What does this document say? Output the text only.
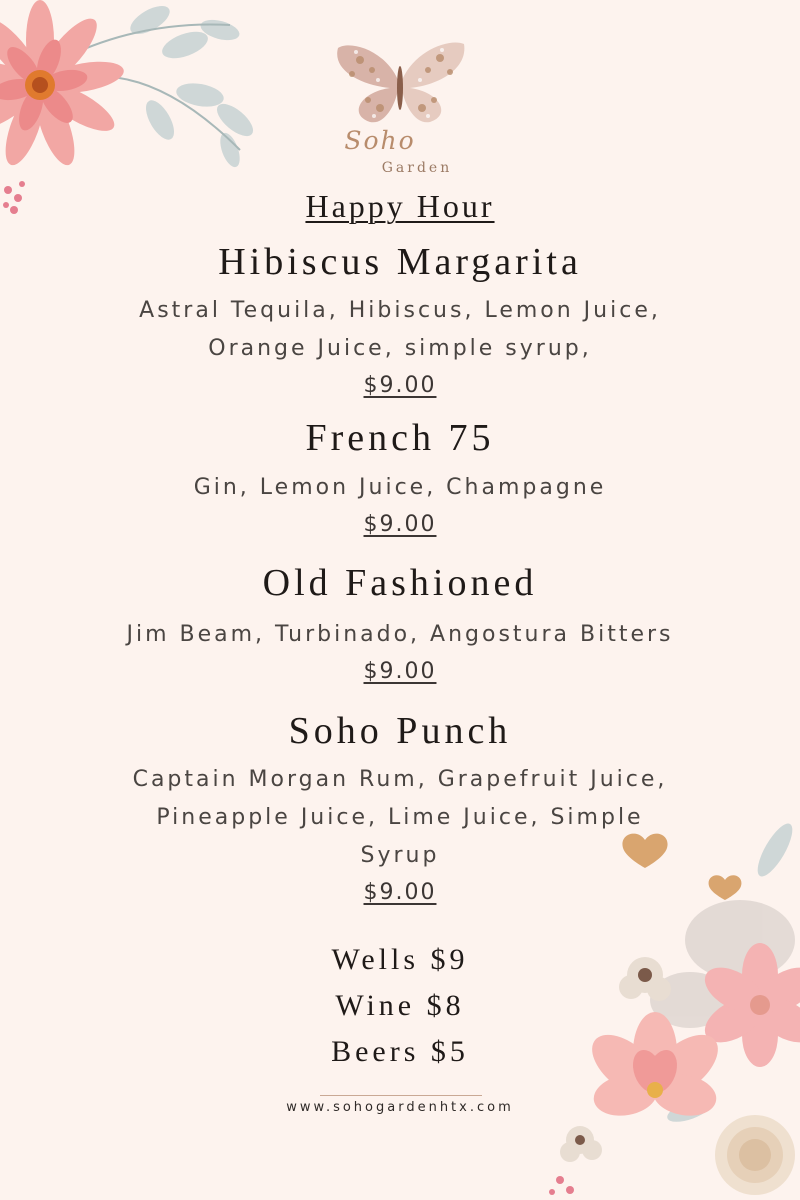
Soho
Garden
Happy Hour
Hibiscus Margarita
Astral Tequila, Hibiscus, Lemon Juice,
Orange Juice, simple syrup,
$9.00
French 75
Gin, Lemon Juice, Champagne
$9.00
Old Fashioned
Jim Beam, Turbinado, Angostura Bitters
$9.00
Soho Punch
Captain Morgan Rum, Grapefruit Juice,
Pineapple Juice, Lime Juice, Simple
Syrup
$9.00
Wells $9
Wine $8
Beers $5
www.sohogardenhtx.com
